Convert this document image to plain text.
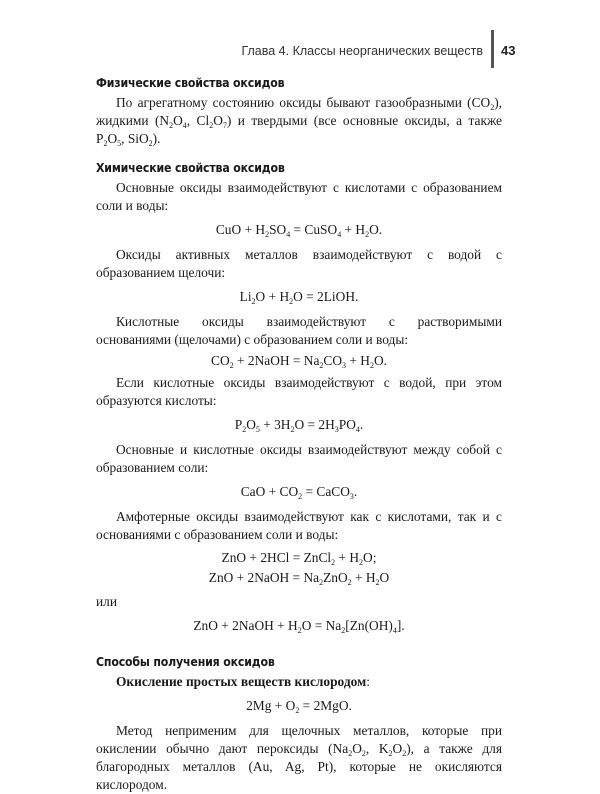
Глава 4. Классы неорганических веществ 43
Физические свойства оксидов

По агрегатному состоянию оксиды бывают газообразными $(CO_2)$, жидкими ($N_2O_4$, $Cl_2O_7$) и твердыми (все основные оксиды, а также $P_2O_5$, SiO$_2$).

Химические свойства оксидов

Основные оксиды взаимодействуют с кислотами с образованием соли и воды:

CuO + $H_2SO_4$ = CuSO$_4$ + $H_2O$.

Оксиды активных металлов взаимодействуют с водой с образованием щелочи:

$Li_2O + H_2O$ = 2LiOH.

Кислотные оксиды взаимодействуют с растворимыми основаниями (щелочами) с образованием соли и воды:

$CO_2$ + 2NaOH = $Na_2CO_3 + H_2O$.

Если кислотные оксиды взаимодействуют с водой, при этом образуются кислоты:

$P_2O_5 + 3H_2O = 2H_3PO_4$.

Основные и кислотные оксиды взаимодействуют между собой с образованием соли:

CaO + $CO_2$ = CaCO$_3$.

Амфотерные оксиды взаимодействуют как с кислотами, так и с основаниями с образованием соли и воды:

ZnO + 2HCl = ZnCl$_2$ + $H_2O$;
ZnO + 2NaOH = $Na_2ZnO_2 + H_2O$

или

ZnO + 2NaOH + $H_2O = Na_2[Zn(OH)_4]$.
Способы получения оксидов

Окисление простых веществ кислородом:

$2Mg + O_2 = 2MgO$.

Метод неприменим для щелочных металлов, которые при окислении обычно дают пероксиды ($Na_2O_2$, $K_2O_2$), а также для благородных металлов (Au, Ag, Pt), которые не окисляются кислородом.
